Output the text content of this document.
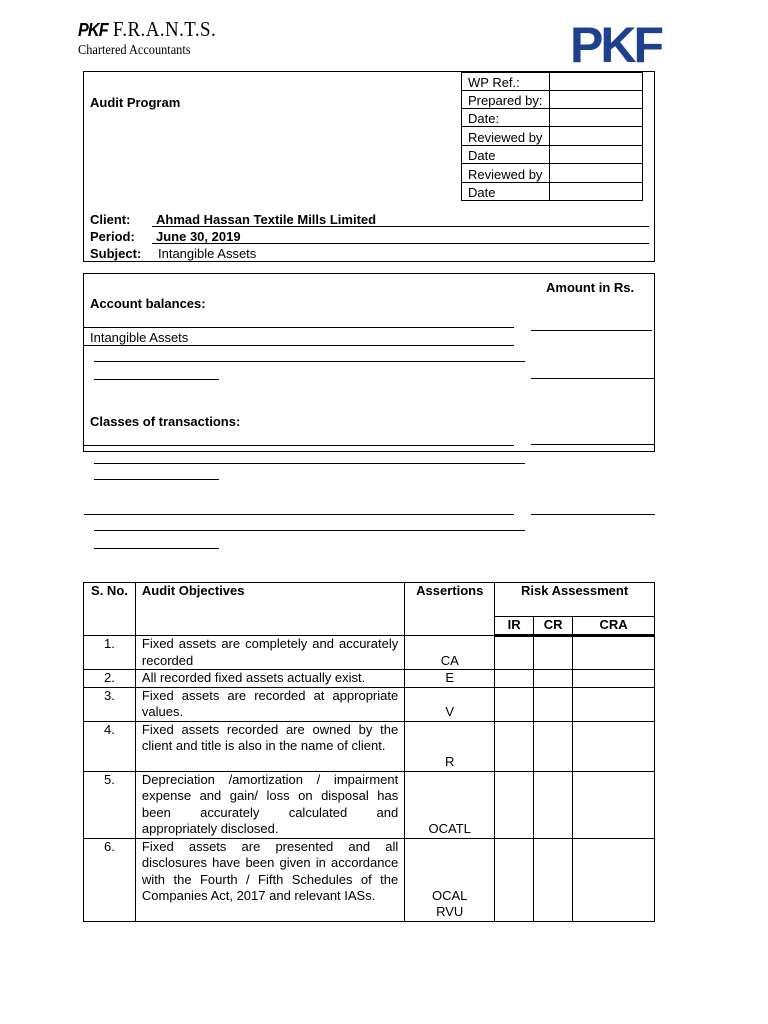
PKF F.R.A.N.T.S.
Chartered Accountants	PKF
Audit Program
WP Ref.:	
Prepared by:	
Date:	
Reviewed by	
Date	
Reviewed by	
Date	
Client: Ahmad Hassan Textile Mills Limited
Period: June 30, 2019
Subject: Intangible Assets
Amount in Rs.
Account balances:
Intangible Assets
Classes of transactions:
S. No.	Audit Objectives	Assertions	Risk Assessment		
			IR	CR	CRA
1.	Fixed assets are completely and accurately recorded	CA			
2.	All recorded fixed assets actually exist.	E			
3.	Fixed assets are recorded at appropriate values.	V			
4.	Fixed assets recorded are owned by the client and title is also in the name of client.	R			
5.	Depreciation /amortization / impairment expense and gain/ loss on disposal has been accurately calculated and appropriately disclosed.	OCATL			
6.	Fixed assets are presented and all disclosures have been given in accordance with the Fourth / Fifth Schedules of the Companies Act, 2017 and relevant IASs.	OCAL RVU			
